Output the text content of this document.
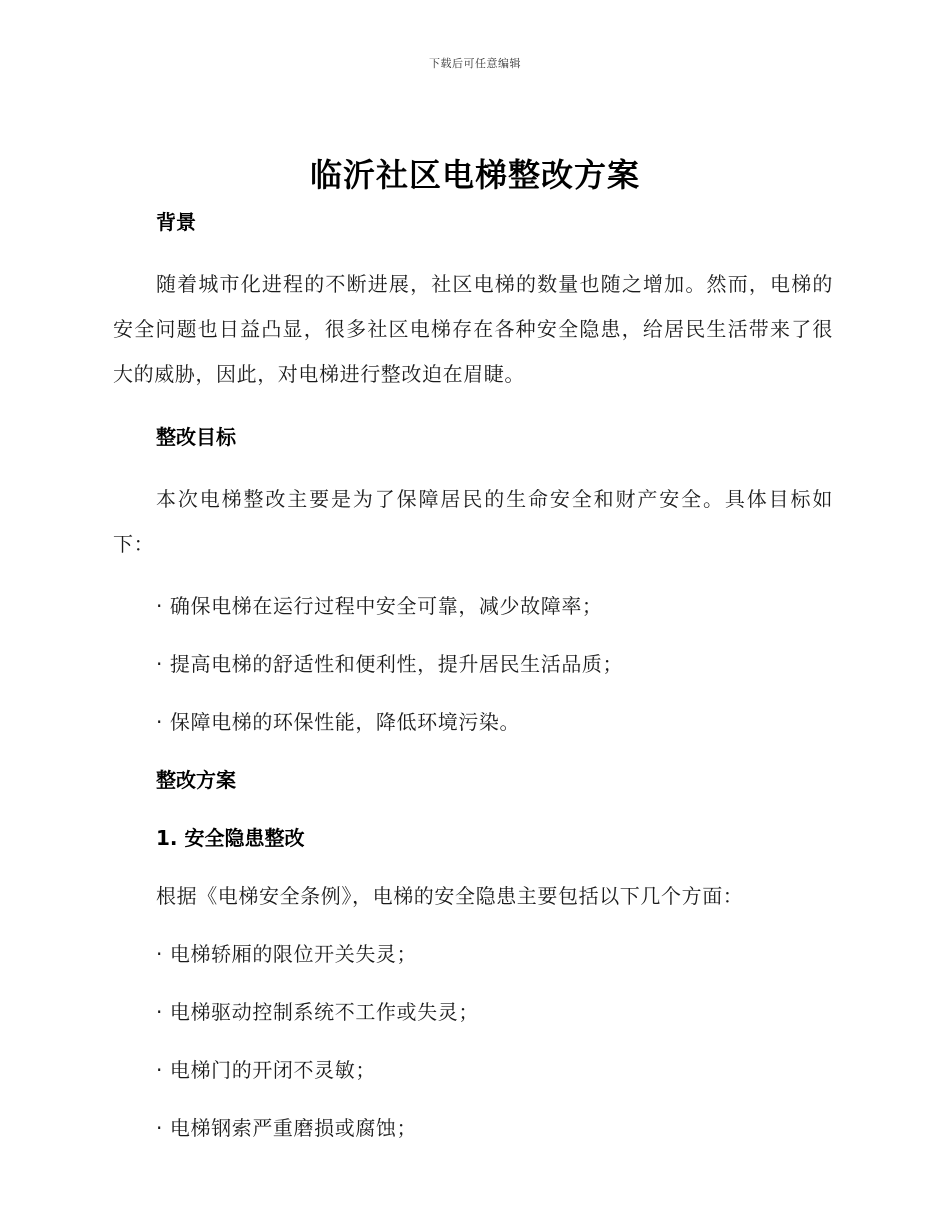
下载后可任意编辑
临沂社区电梯整改方案
背景
随着城市化进程的不断进展，社区电梯的数量也随之增加。然而，电梯的安全问题也日益凸显，很多社区电梯存在各种安全隐患，给居民生活带来了很大的威胁，因此，对电梯进行整改迫在眉睫。
整改目标
本次电梯整改主要是为了保障居民的生命安全和财产安全。具体目标如下：
· 确保电梯在运行过程中安全可靠，减少故障率；
· 提高电梯的舒适性和便利性，提升居民生活品质；
· 保障电梯的环保性能，降低环境污染。
整改方案
1. 安全隐患整改
根据《电梯安全条例》，电梯的安全隐患主要包括以下几个方面：
· 电梯轿厢的限位开关失灵；
· 电梯驱动控制系统不工作或失灵；
· 电梯门的开闭不灵敏；
· 电梯钢索严重磨损或腐蚀；
